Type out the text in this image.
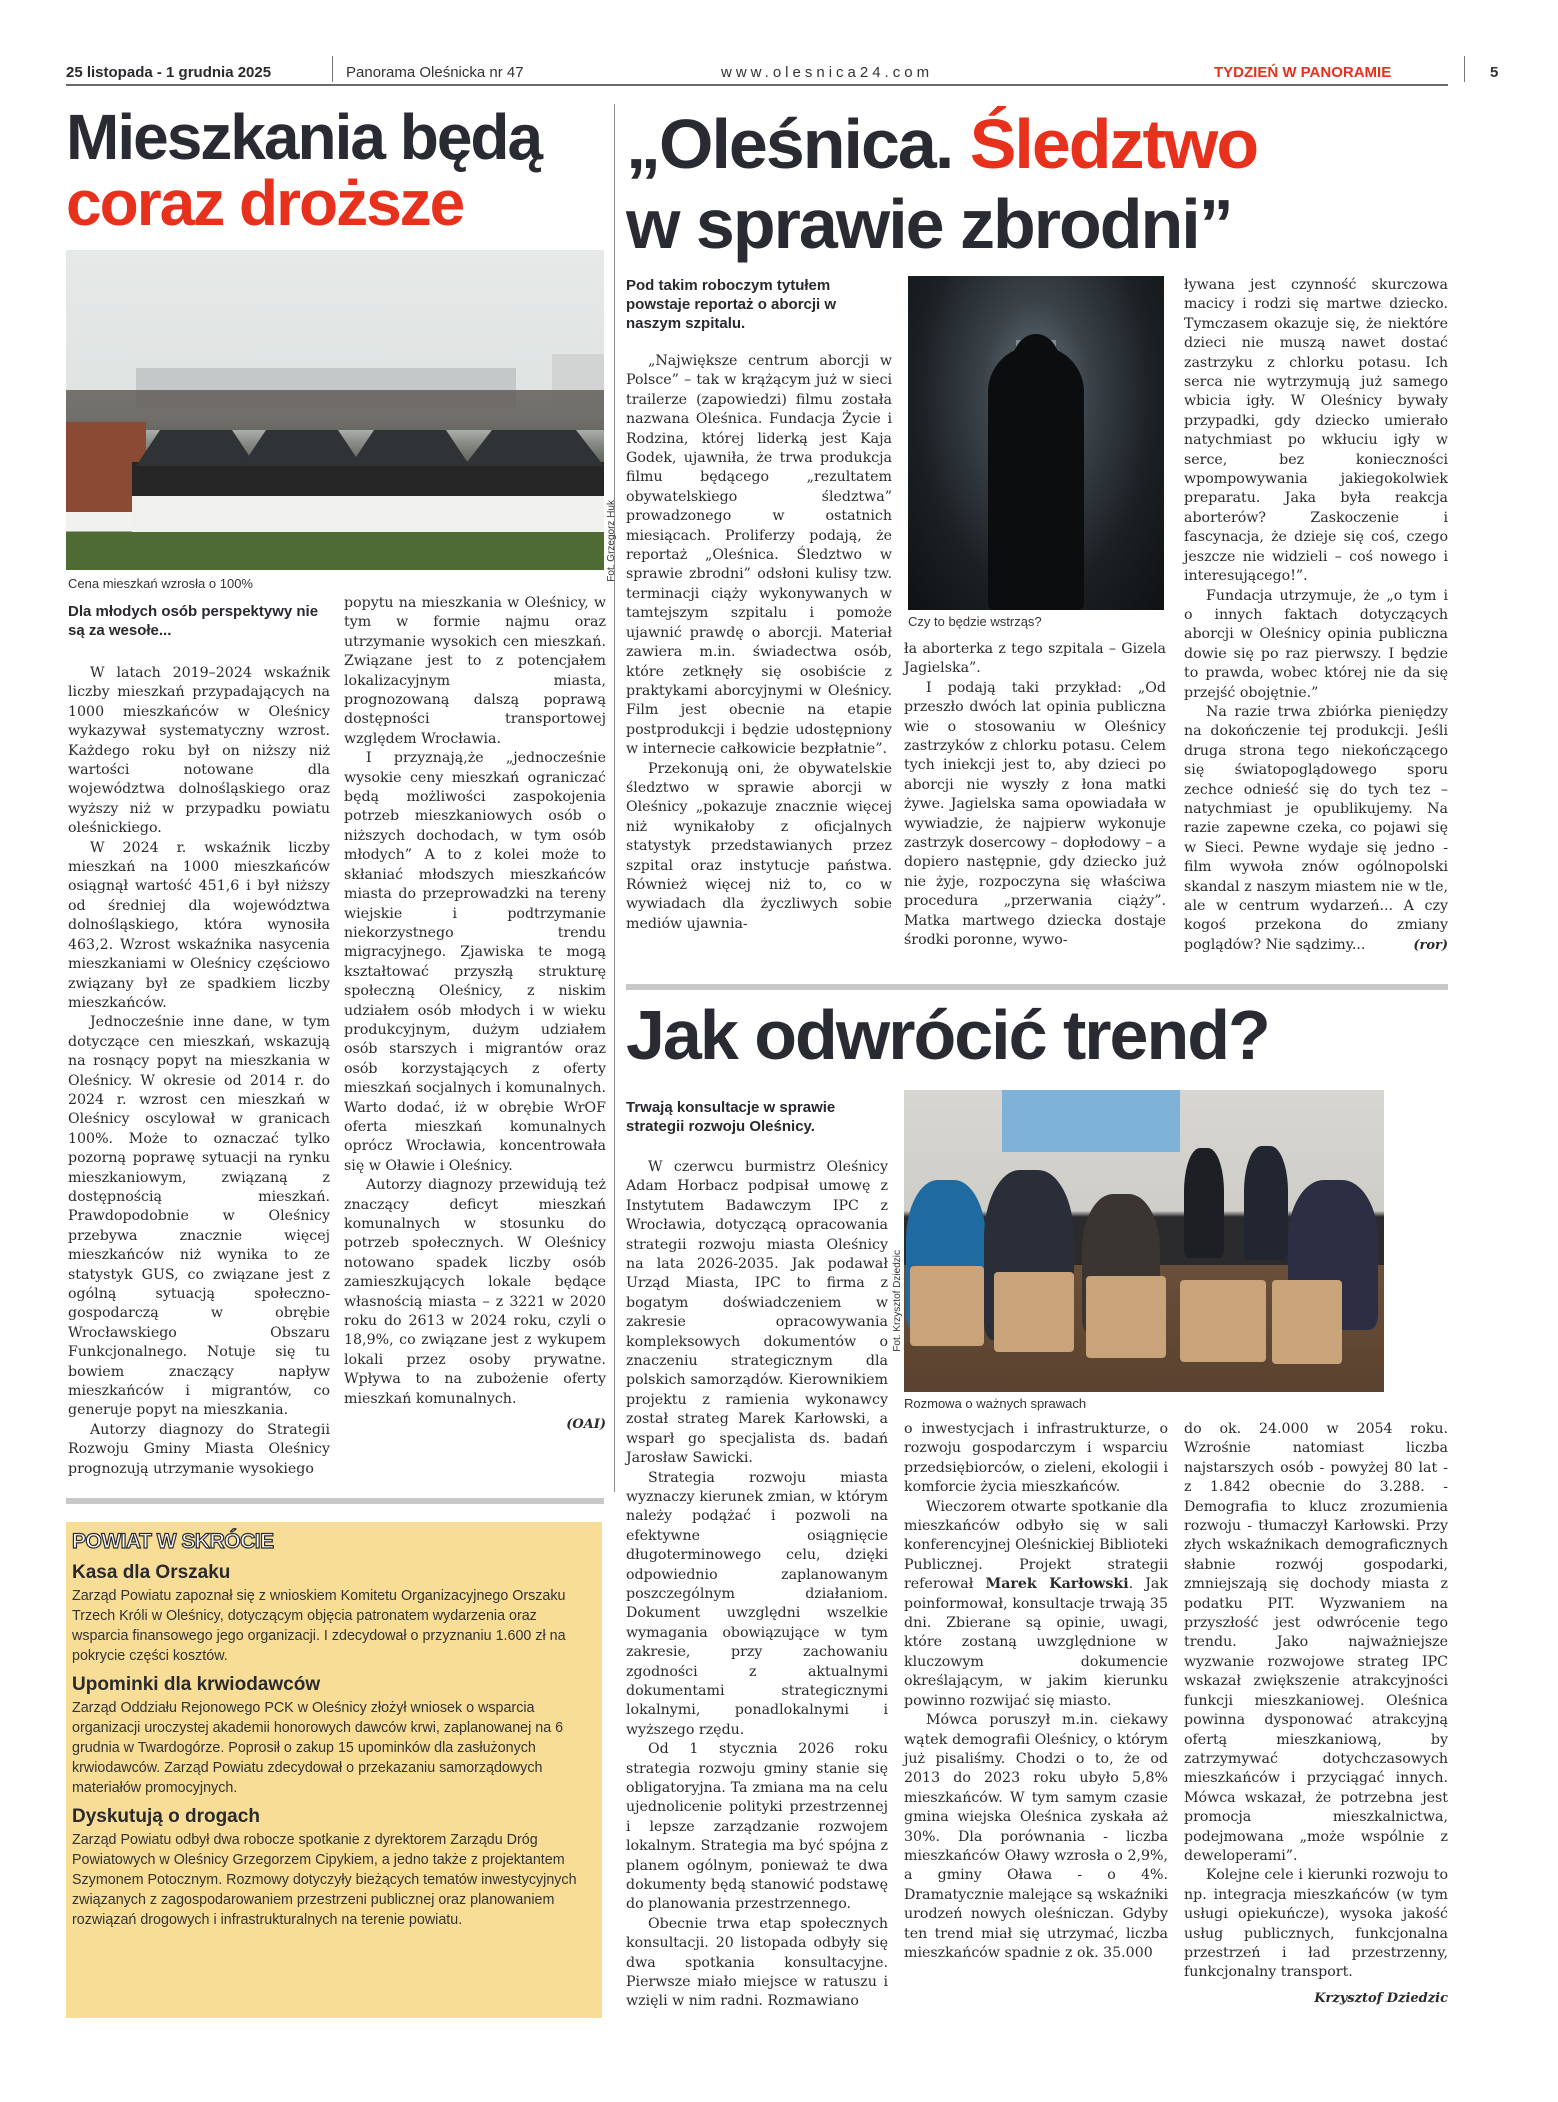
25 listopada - 1 grudnia 2025	Panorama Oleśnicka nr 47	www.olesnica24.com	TYDZIEŃ W PANORAMIE	5
Mieszkania będą
coraz droższe
Fot. Grzegorz Huk
Cena mieszkań wzrosła o 100%
Dla młodych osób perspektywy nie są za wesołe...

W latach 2019–2024 wskaźnik liczby mieszkań przypadających na 1000 mieszkańców w Oleśnicy wykazywał systematyczny wzrost. Każdego roku był on niższy niż wartości notowane dla województwa dolnośląskiego oraz wyższy niż w przypadku powiatu oleśnickiego.

W 2024 r. wskaźnik liczby mieszkań na 1000 mieszkańców osiągnął wartość 451,6 i był niższy od średniej dla województwa dolnośląskiego, która wynosiła 463,2. Wzrost wskaźnika nasycenia mieszkaniami w Oleśnicy częściowo związany był ze spadkiem liczby mieszkańców.

Jednocześnie inne dane, w tym dotyczące cen mieszkań, wskazują na rosnący popyt na mieszkania w Oleśnicy. W okresie od 2014 r. do 2024 r. wzrost cen mieszkań w Oleśnicy oscylował w granicach 100%. Może to oznaczać tylko pozorną poprawę sytuacji na rynku mieszkaniowym, związaną z dostępnością mieszkań. Prawdopodobnie w Oleśnicy przebywa znacznie więcej mieszkańców niż wynika to ze statystyk GUS, co związane jest z ogólną sytuacją społeczno-gospodarczą w obrębie Wrocławskiego Obszaru Funkcjonalnego. Notuje się tu bowiem znaczący napływ mieszkańców i migrantów, co generuje popyt na mieszkania.

Autorzy diagnozy do Strategii Rozwoju Gminy Miasta Oleśnicy prognozują utrzymanie wysokiego

popytu na mieszkania w Oleśnicy, w tym w formie najmu oraz utrzymanie wysokich cen mieszkań. Związane jest to z potencjałem lokalizacyjnym miasta, prognozowaną dalszą poprawą dostępności transportowej względem Wrocławia.

I przyznają,że „jednocześnie wysokie ceny mieszkań ograniczać będą możliwości zaspokojenia potrzeb mieszkaniowych osób o niższych dochodach, w tym osób młodych” A to z kolei może to skłaniać młodszych mieszkańców miasta do przeprowadzki na tereny wiejskie i podtrzymanie niekorzystnego trendu migracyjnego. Zjawiska te mogą kształtować przyszłą strukturę społeczną Oleśnicy, z niskim udziałem osób młodych i w wieku produkcyjnym, dużym udziałem osób starszych i migrantów oraz osób korzystających z oferty mieszkań socjalnych i komunalnych. Warto dodać, iż w obrębie WrOF oferta mieszkań komunalnych oprócz Wrocławia, koncentrowała się w Oławie i Oleśnicy.

Autorzy diagnozy przewidują też znaczący deficyt mieszkań komunalnych w stosunku do potrzeb społecznych. W Oleśnicy notowano spadek liczby osób zamieszkujących lokale będące własnością miasta – z 3221 w 2020 roku do 2613 w 2024 roku, czyli o 18,9%, co związane jest z wykupem lokali przez osoby prywatne. Wpływa to na zubożenie oferty mieszkań komunalnych.

(OAI)
„Oleśnica. Śledztwo
w sprawie zbrodni”
Pod takim roboczym tytułem powstaje reportaż o aborcji w naszym szpitalu.

„Największe centrum aborcji w Polsce” – tak w krążącym już w sieci trailerze (zapowiedzi) filmu została nazwana Oleśnica. Fundacja Życie i Rodzina, której liderką jest Kaja Godek, ujawniła, że trwa produkcja filmu będącego „rezultatem obywatelskiego śledztwa” prowadzonego w ostatnich miesiącach. Proliferzy podają, że reportaż „Oleśnica. Śledztwo w sprawie zbrodni” odsłoni kulisy tzw. terminacji ciąży wykonywanych w tamtejszym szpitalu i pomoże ujawnić prawdę o aborcji. Materiał zawiera m.in. świadectwa osób, które zetknęły się osobiście z praktykami aborcyjnymi w Oleśnicy. Film jest obecnie na etapie postprodukcji i będzie udostępniony w internecie całkowicie bezpłatnie”.

Przekonują oni, że obywatelskie śledztwo w sprawie aborcji w Oleśnicy „pokazuje znacznie więcej niż wynikałoby z oficjalnych statystyk przedstawianych przez szpital oraz instytucje państwa. Również więcej niż to, co w wywiadach dla życzliwych sobie mediów ujawnia-

Czy to będzie wstrząs?

ła aborterka z tego szpitala – Gizela Jagielska”.

I podają taki przykład: „Od przeszło dwóch lat opinia publiczna wie o stosowaniu w Oleśnicy zastrzyków z chlorku potasu. Celem tych iniekcji jest to, aby dzieci po aborcji nie wyszły z łona matki żywe. Jagielska sama opowiadała w wywiadzie, że najpierw wykonuje zastrzyk dosercowy – dopłodowy – a dopiero następnie, gdy dziecko już nie żyje, rozpoczyna się właściwa procedura „przerwania ciąży”. Matka martwego dziecka dostaje środki poronne, wywo-

ływana jest czynność skurczowa macicy i rodzi się martwe dziecko. Tymczasem okazuje się, że niektóre dzieci nie muszą nawet dostać zastrzyku z chlorku potasu. Ich serca nie wytrzymują już samego wbicia igły. W Oleśnicy bywały przypadki, gdy dziecko umierało natychmiast po wkłuciu igły w serce, bez konieczności wpompowywania jakiegokolwiek preparatu. Jaka była reakcja aborterów? Zaskoczenie i fascynacja, że dzieje się coś, czego jeszcze nie widzieli – coś nowego i interesującego!”.

Fundacja utrzymuje, że „o tym i o innych faktach dotyczących aborcji w Oleśnicy opinia publiczna dowie się po raz pierwszy. I będzie to prawda, wobec której nie da się przejść obojętnie.”

Na razie trwa zbiórka pieniędzy na dokończenie tej produkcji. Jeśli druga strona tego niekończącego się światopoglądowego sporu zechce odnieść się do tych tez – natychmiast je opublikujemy. Na razie zapewne czeka, co pojawi się w Sieci. Pewne wydaje się jedno - film wywoła znów ogólnopolski skandal z naszym miastem nie w tle, ale w centrum wydarzeń... A czy kogoś przekona do zmiany poglądów? Nie sądzimy...	(ror)
Jak odwrócić trend?
Trwają konsultacje w sprawie strategii rozwoju Oleśnicy.

W czerwcu burmistrz Oleśnicy Adam Horbacz podpisał umowę z Instytutem Badawczym IPC z Wrocławia, dotyczącą opracowania strategii rozwoju miasta Oleśnicy na lata 2026-2035. Jak podawał Urząd Miasta, IPC to firma z bogatym doświadczeniem w zakresie opracowywania kompleksowych dokumentów o znaczeniu strategicznym dla polskich samorządów. Kierownikiem projektu z ramienia wykonawcy został strateg Marek Karłowski, a wsparł go specjalista ds. badań Jarosław Sawicki.

Strategia rozwoju miasta wyznaczy kierunek zmian, w którym należy podążać i pozwoli na efektywne osiągnięcie długoterminowego celu, dzięki odpowiednio zaplanowanym poszczególnym działaniom. Dokument uwzględni wszelkie wymagania obowiązujące w tym zakresie, przy zachowaniu zgodności z aktualnymi dokumentami strategicznymi lokalnymi, ponadlokalnymi i wyższego rzędu.

Od 1 stycznia 2026 roku strategia rozwoju gminy stanie się obligatoryjna. Ta zmiana ma na celu ujednolicenie polityki przestrzennej i lepsze zarządzanie rozwojem lokalnym. Strategia ma być spójna z planem ogólnym, ponieważ te dwa dokumenty będą stanowić podstawę do planowania przestrzennego.

Obecnie trwa etap społecznych konsultacji. 20 listopada odbyły się dwa spotkania konsultacyjne. Pierwsze miało miejsce w ratuszu i wzięli w nim radni. Rozmawiano

Fot. Krzysztof Dziedzic
Rozmowa o ważnych sprawach

o inwestycjach i infrastrukturze, o rozwoju gospodarczym i wsparciu przedsiębiorców, o zieleni, ekologii i komforcie życia mieszkańców.

Wieczorem otwarte spotkanie dla mieszkańców odbyło się w sali konferencyjnej Oleśnickiej Biblioteki Publicznej. Projekt strategii referował Marek Karłowski. Jak poinformował, konsultacje trwają 35 dni. Zbierane są opinie, uwagi, które zostaną uwzględnione w kluczowym dokumencie określającym, w jakim kierunku powinno rozwijać się miasto.

Mówca poruszył m.in. ciekawy wątek demografii Oleśnicy, o którym już pisaliśmy. Chodzi o to, że od 2013 do 2023 roku ubyło 5,8% mieszkańców. W tym samym czasie gmina wiejska Oleśnica zyskała aż 30%. Dla porównania - liczba mieszkańców Oławy wzrosła o 2,9%, a gminy Oława - o 4%. Dramatycznie malejące są wskaźniki urodzeń nowych oleśniczan. Gdyby ten trend miał się utrzymać, liczba mieszkańców spadnie z ok. 35.000

do ok. 24.000 w 2054 roku. Wzrośnie natomiast liczba najstarszych osób - powyżej 80 lat - z 1.842 obecnie do 3.288. - Demografia to klucz zrozumienia rozwoju - tłumaczył Karłowski. Przy złych wskaźnikach demograficznych słabnie rozwój gospodarki, zmniejszają się dochody miasta z podatku PIT. Wyzwaniem na przyszłość jest odwrócenie tego trendu. Jako najważniejsze wyzwanie rozwojowe strateg IPC wskazał zwiększenie atrakcyjności funkcji mieszkaniowej. Oleśnica powinna dysponować atrakcyjną ofertą mieszkaniową, by zatrzymywać dotychczasowych mieszkańców i przyciągać innych. Mówca wskazał, że potrzebna jest promocja mieszkalnictwa, podejmowana „może wspólnie z deweloperami”.

Kolejne cele i kierunki rozwoju to np. integracja mieszkańców (w tym usługi opiekuńcze), wysoka jakość usług publicznych, funkcjonalna przestrzeń i ład przestrzenny, funkcjonalny transport.

Krzysztof Dziedzic
POWIAT W SKRÓCIE
Kasa dla Orszaku

Zarząd Powiatu zapoznał się z wnioskiem Komitetu Organizacyjnego Orszaku Trzech Króli w Oleśnicy, dotyczącym objęcia patronatem wydarzenia oraz wsparcia finansowego jego organizacji. I zdecydował o przyznaniu 1.600 zł na pokrycie części kosztów.

Upominki dla krwiodawców

Zarząd Oddziału Rejonowego PCK w Oleśnicy złożył wniosek o wsparcia organizacji uroczystej akademii honorowych dawców krwi, zaplanowanej na 6 grudnia w Twardogórze. Poprosił o zakup 15 upominków dla zasłużonych krwiodawców. Zarząd Powiatu zdecydował o przekazaniu samorządowych materiałów promocyjnych.

Dyskutują o drogach

Zarząd Powiatu odbył dwa robocze spotkanie z dyrektorem Zarządu Dróg Powiatowych w Oleśnicy Grzegorzem Cipykiem, a jedno także z projektantem Szymonem Potocznym. Rozmowy dotyczyły bieżących tematów inwestycyjnych związanych z zagospodarowaniem przestrzeni publicznej oraz planowaniem rozwiązań drogowych i infrastrukturalnych na terenie powiatu.
